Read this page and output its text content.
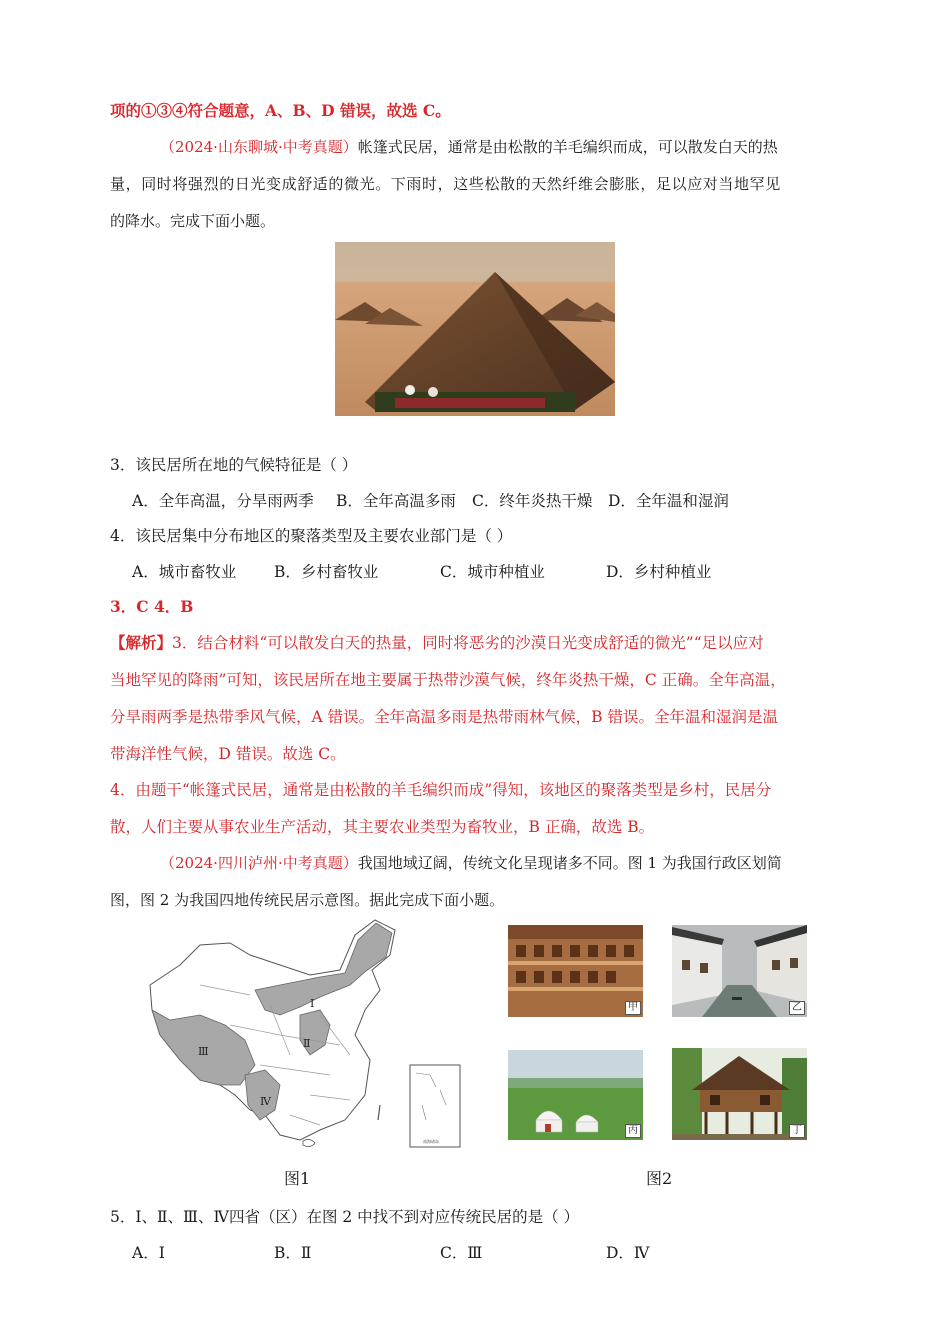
项的①③④符合题意，A、B、D 错误，故选 C。
（2024·山东聊城·中考真题）帐篷式民居，通常是由松散的羊毛编织而成，可以散发白天的热
量，同时将强烈的日光变成舒适的微光。下雨时，这些松散的天然纤维会膨胀，足以应对当地罕见
的降水。完成下面小题。
3．该民居所在地的气候特征是（ ）
A．全年高温，分旱雨两季 B．全年高温多雨 C．终年炎热干燥 D．全年温和湿润
4．该民居集中分布地区的聚落类型及主要农业部门是（ ）
A．城市畜牧业 B．乡村畜牧业	C．城市种植业	D．乡村种植业
3．C 4．B
【解析】3．结合材料“可以散发白天的热量，同时将恶劣的沙漠日光变成舒适的微光”“足以应对
当地罕见的降雨”可知，该民居所在地主要属于热带沙漠气候，终年炎热干燥，C 正确。全年高温，
分旱雨两季是热带季风气候，A 错误。全年高温多雨是热带雨林气候，B 错误。全年温和湿润是温
带海洋性气候，D 错误。故选 C。
4．由题干“帐篷式民居，通常是由松散的羊毛编织而成”得知，该地区的聚落类型是乡村，民居分
散，人们主要从事农业生产活动，其主要农业类型为畜牧业，B 正确，故选 B。
（2024·四川泸州·中考真题）我国地域辽阔，传统文化呈现诸多不同。图 1 为我国行政区划简
图，图 2 为我国四地传统民居示意图。据此完成下面小题。
Ⅰ
Ⅱ
Ⅲ
Ⅳ
南海诸岛
图1
甲	乙
丙	丁
图2
5．Ⅰ、Ⅱ、Ⅲ、Ⅳ四省（区）在图 2 中找不到对应传统民居的是（ ）
A．Ⅰ	B．Ⅱ	C．Ⅲ	D．Ⅳ
